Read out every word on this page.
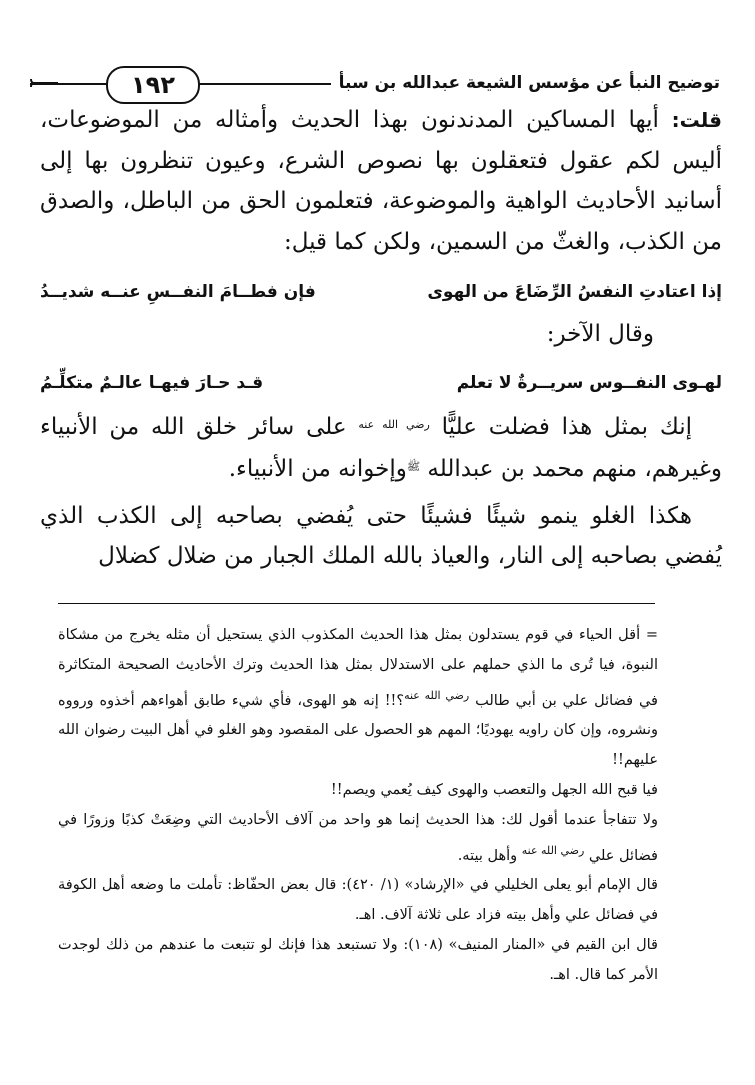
١٩٢	توضيح النبأ عن مؤسس الشيعة عبدالله بن سبأ

قلت: أيها المساكين المدندنون بهذا الحديث وأمثاله من الموضوعات، أليس لكم عقول فتعقلون بها نصوص الشرع، وعيون تنظرون بها إلى أسانيد الأحاديث الواهية والموضوعة، فتعلمون الحق من الباطل، والصدق من الكذب، والغثّ من السمين، ولكن كما قيل:

إذا اعتادتِ النفسُ الرِّضَاعَ من الهوى
فإن فطــامَ النفــسِ عنــه شديــدُ

وقال الآخر:

لهـوى النفــوس سريــرةٌ لا تعلم
قـد حـارَ فيهـا عالـمٌ متكلِّـمُ

إنك بمثل هذا فضلت عليًّا $^{رضي الله عنه}$ على سائر خلق الله من الأنبياء وغيرهم، منهم محمد بن عبدالله $^ﷺ$وإخوانه من الأنبياء.

هكذا الغلو ينمو شيئًا فشيئًا حتى يُفضي بصاحبه إلى الكذب الذي يُفضي بصاحبه إلى النار، والعياذ بالله الملك الجبار من ضلال كضلال

= أقل الحياء في قوم يستدلون بمثل هذا الحديث المكذوب الذي يستحيل أن مثله يخرج من مشكاة النبوة، فيا تُرى ما الذي حملهم على الاستدلال بمثل هذا الحديث وترك الأحاديث الصحيحة المتكاثرة في فضائل علي بن أبي طالب $^{رضي الله عنه}$؟!! إنه هو الهوى، فأي شيء طابق أهواءهم أخذوه ورووه ونشروه، وإن كان راويه يهوديًا؛ المهم هو الحصول على المقصود وهو الغلو في أهل البيت رضوان الله عليهم!!

فيا قبح الله الجهل والتعصب والهوى كيف يُعمي ويصم!!

ولا تتفاجأ عندما أقول لك: هذا الحديث إنما هو واحد من آلاف الأحاديث التي وضِعَتْ كذبًا وزورًا في فضائل علي $^{رضي الله عنه}$ وأهل بيته.

قال الإمام أبو يعلى الخليلي في «الإرشاد» (١/ ٤٢٠): قال بعض الحفّاظ: تأملت ما وضعه أهل الكوفة في فضائل علي وأهل بيته فزاد على ثلاثة آلاف. اهـ.

قال ابن القيم في «المنار المنيف» (١٠٨): ولا تستبعد هذا فإنك لو تتبعت ما عندهم من ذلك لوجدت الأمر كما قال. اهـ.
